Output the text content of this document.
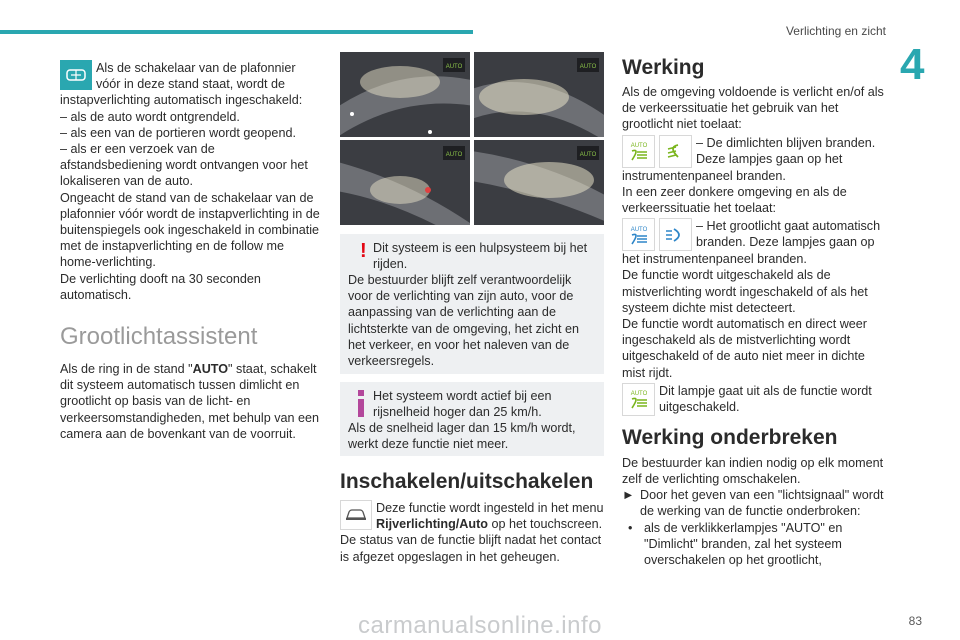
Verlichting en zicht
4
Als de schakelaar van de plafonnier vóór in deze stand staat, wordt de
instapverlichting automatisch ingeschakeld:
– als de auto wordt ontgrendeld.
– als een van de portieren wordt geopend.
– als er een verzoek van de afstandsbediening wordt ontvangen voor het lokaliseren van de auto.
Ongeacht de stand van de schakelaar van de plafonnier vóór wordt de instapverlichting in de buitenspiegels ook ingeschakeld in combinatie met de instapverlichting en de follow me home-verlichting.
De verlichting dooft na 30 seconden automatisch.
Grootlichtassistent
Als de ring in de stand "AUTO" staat, schakelt dit systeem automatisch tussen dimlicht en grootlicht op basis van de licht- en verkeersomstandigheden, met behulp van een camera aan de bovenkant van de voorruit.
AUTO	AUTO
AUTO	AUTO
! Dit systeem is een hulpsysteem bij het rijden.
De bestuurder blijft zelf verantwoordelijk voor de verlichting van zijn auto, voor de aanpassing van de verlichting aan de lichtsterkte van de omgeving, het zicht en het verkeer, en voor het naleven van de verkeersregels.
Het systeem wordt actief bij een rijsnelheid hoger dan 25 km/h.
Als de snelheid lager dan 15 km/h wordt, werkt deze functie niet meer.
Inschakelen/uitschakelen
Deze functie wordt ingesteld in het menu Rijverlichting/Auto op het touchscreen.
De status van de functie blijft nadat het contact is afgezet opgeslagen in het geheugen.
Werking
Als de omgeving voldoende is verlicht en/of als de verkeerssituatie het gebruik van het grootlicht niet toelaat:
AUTO	– De dimlichten blijven branden. Deze lampjes gaan op het
instrumentenpaneel branden.
In een zeer donkere omgeving en als de verkeerssituatie het toelaat:
AUTO	– Het grootlicht gaat automatisch branden. Deze lampjes gaan op
het instrumentenpaneel branden.
De functie wordt uitgeschakeld als de mistverlichting wordt ingeschakeld of als het systeem dichte mist detecteert.
De functie wordt automatisch en direct weer ingeschakeld als de mistverlichting wordt uitgeschakeld of de auto niet meer in dichte mist rijdt.
AUTO Dit lampje gaat uit als de functie wordt uitgeschakeld.
Werking onderbreken
De bestuurder kan indien nodig op elk moment zelf de verlichting omschakelen.
► Door het geven van een "lichtsignaal" wordt de werking van de functie onderbroken:
• als de verklikkerlampjes "AUTO" en "Dimlicht" branden, zal het systeem overschakelen op het grootlicht,
carmanualsonline.info	83
